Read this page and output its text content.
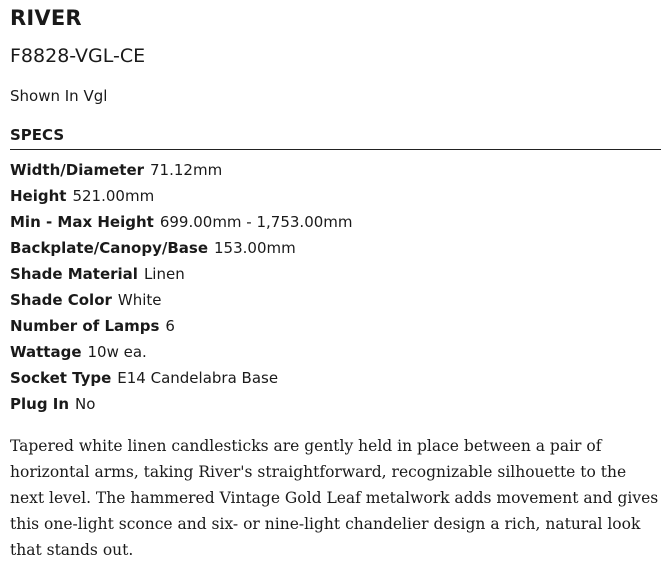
RIVER
F8828-VGL-CE

Shown In Vgl

SPECS
Width/Diameter 71.12mm
Height 521.00mm
Min - Max Height 699.00mm - 1,753.00mm
Backplate/Canopy/Base 153.00mm
Shade Material Linen
Shade Color White
Number of Lamps 6
Wattage 10w ea.
Socket Type E14 Candelabra Base
Plug In No

Tapered white linen candlesticks are gently held in place between a pair of horizontal arms, taking River's straightforward, recognizable silhouette to the next level. The hammered Vintage Gold Leaf metalwork adds movement and gives this one-light sconce and six- or nine-light chandelier design a rich, natural look that stands out.
